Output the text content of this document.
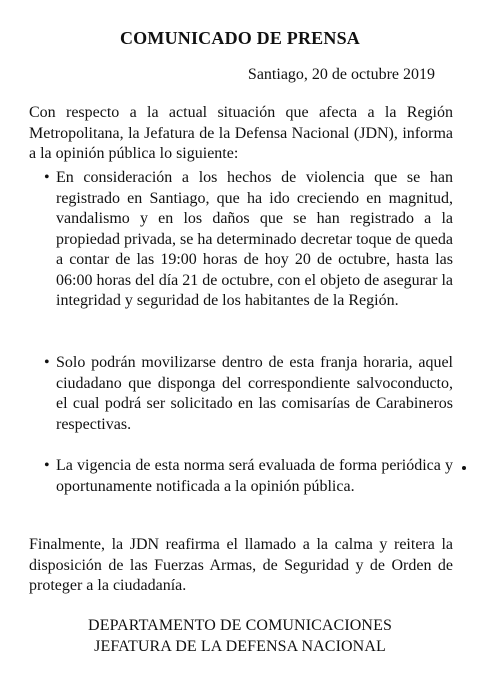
COMUNICADO DE PRENSA
Santiago, 20 de octubre 2019
Con respecto a la actual situación que afecta a la Región Metropolitana, la Jefatura de la Defensa Nacional (JDN), informa a la opinión pública lo siguiente:
• En consideración a los hechos de violencia que se han registrado en Santiago, que ha ido creciendo en magnitud, vandalismo y en los daños que se han registrado a la propiedad privada, se ha determinado decretar toque de queda a contar de las 19:00 horas de hoy 20 de octubre, hasta las 06:00 horas del día 21 de octubre, con el objeto de asegurar la integridad y seguridad de los habitantes de la Región.
• Solo podrán movilizarse dentro de esta franja horaria, aquel ciudadano que disponga del correspondiente salvoconducto, el cual podrá ser solicitado en las comisarías de Carabineros respectivas.
• La vigencia de esta norma será evaluada de forma periódica y oportunamente notificada a la opinión pública.
Finalmente, la JDN reafirma el llamado a la calma y reitera la disposición de las Fuerzas Armas, de Seguridad y de Orden de proteger a la ciudadanía.
DEPARTAMENTO DE COMUNICACIONES
JEFATURA DE LA DEFENSA NACIONAL
